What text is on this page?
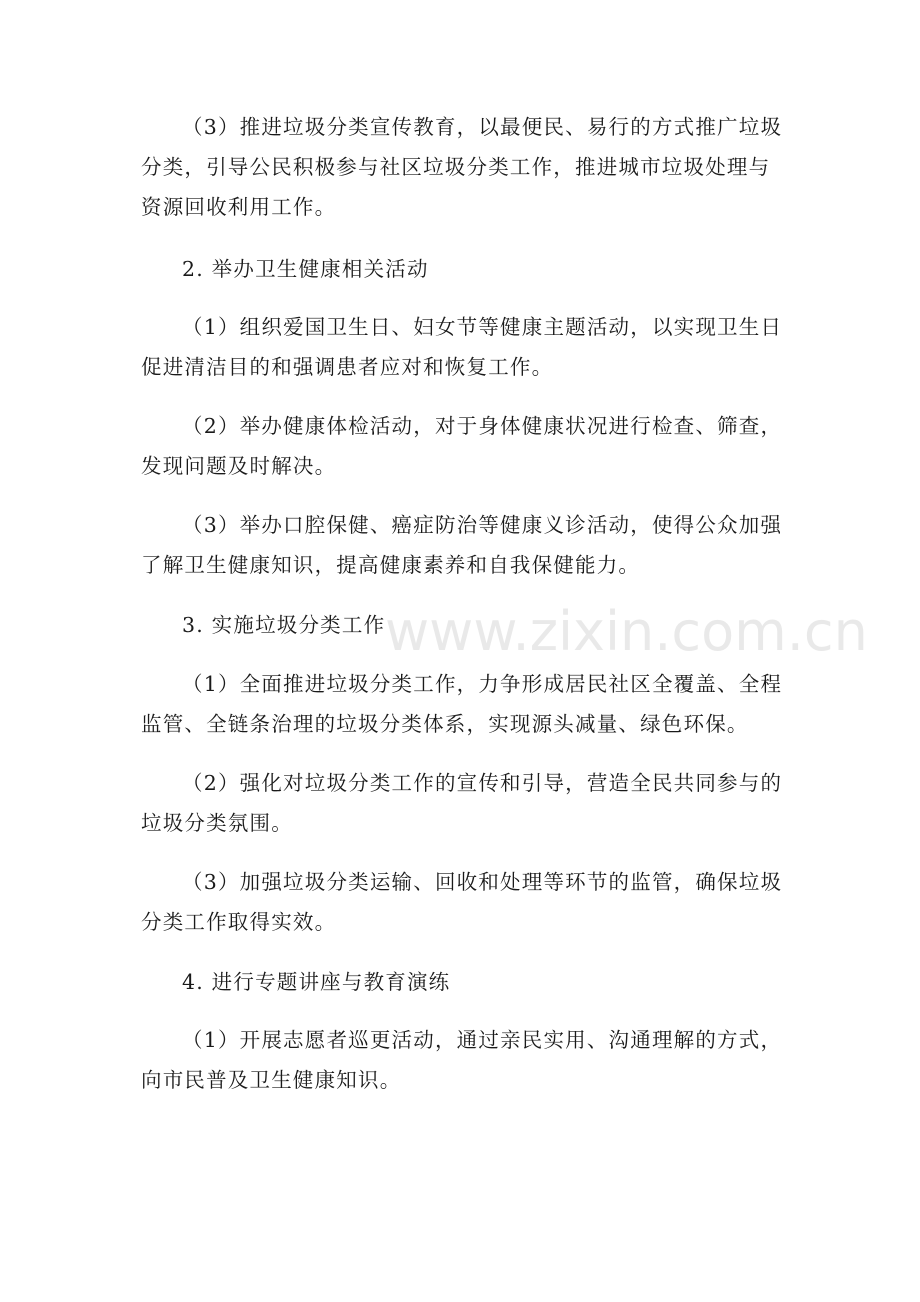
（3）推进垃圾分类宣传教育，以最便民、易行的方式推广垃圾
分类，引导公民积极参与社区垃圾分类工作，推进城市垃圾处理与
资源回收利用工作。

2. 举办卫生健康相关活动

（1）组织爱国卫生日、妇女节等健康主题活动，以实现卫生日
促进清洁目的和强调患者应对和恢复工作。

（2）举办健康体检活动，对于身体健康状况进行检查、筛查，
发现问题及时解决。

（3）举办口腔保健、癌症防治等健康义诊活动，使得公众加强
了解卫生健康知识，提高健康素养和自我保健能力。

3. 实施垃圾分类工作

（1）全面推进垃圾分类工作，力争形成居民社区全覆盖、全程
监管、全链条治理的垃圾分类体系，实现源头减量、绿色环保。

（2）强化对垃圾分类工作的宣传和引导，营造全民共同参与的
垃圾分类氛围。

（3）加强垃圾分类运输、回收和处理等环节的监管，确保垃圾
分类工作取得实效。

4. 进行专题讲座与教育演练

（1）开展志愿者巡更活动，通过亲民实用、沟通理解的方式，
向市民普及卫生健康知识。

www.zixin.com.cn
